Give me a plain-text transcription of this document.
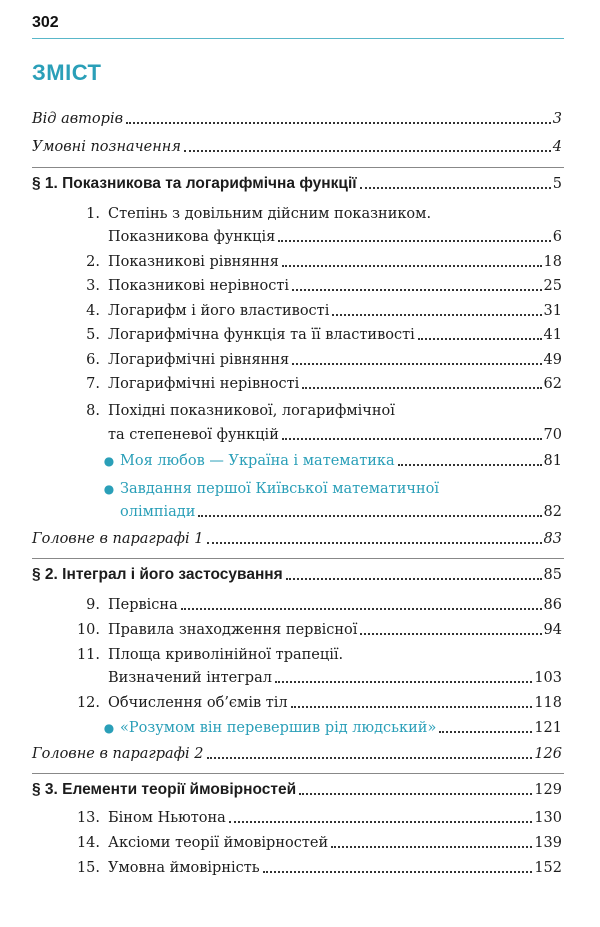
302
ЗМІСТ
Від авторів	3
Умовні позначення	4
§ 1. Показникова та логарифмічна функції	5
1. Степінь з довільним дійсним показником.
Показникова функція	6
2. Показникові рівняння	18
3. Показникові нерівності	25
4. Логарифм і його властивості	31
5. Логарифмічна функція та її властивості	41
6. Логарифмічні рівняння	49
7. Логарифмічні нерівності	62
8. Похідні показникової, логарифмічної
та степеневої функцій	70
● Моя любов — Україна і математика	81
● Завдання першої Київської математичної
олімпіади	82
Головне в параграфі 1	83
§ 2. Інтеграл і його застосування	85
9. Первісна	86
10. Правила знаходження первісної	94
11. Площа криволінійної трапеції.
Визначений інтеграл	103
12. Обчислення об’ємів тіл	118
● «Розумом він перевершив рід людський»	121
Головне в параграфі 2	126
§ 3. Елементи теорії ймовірностей	129
13. Біном Ньютона	130
14. Аксіоми теорії ймовірностей	139
15. Умовна ймовірність	152
